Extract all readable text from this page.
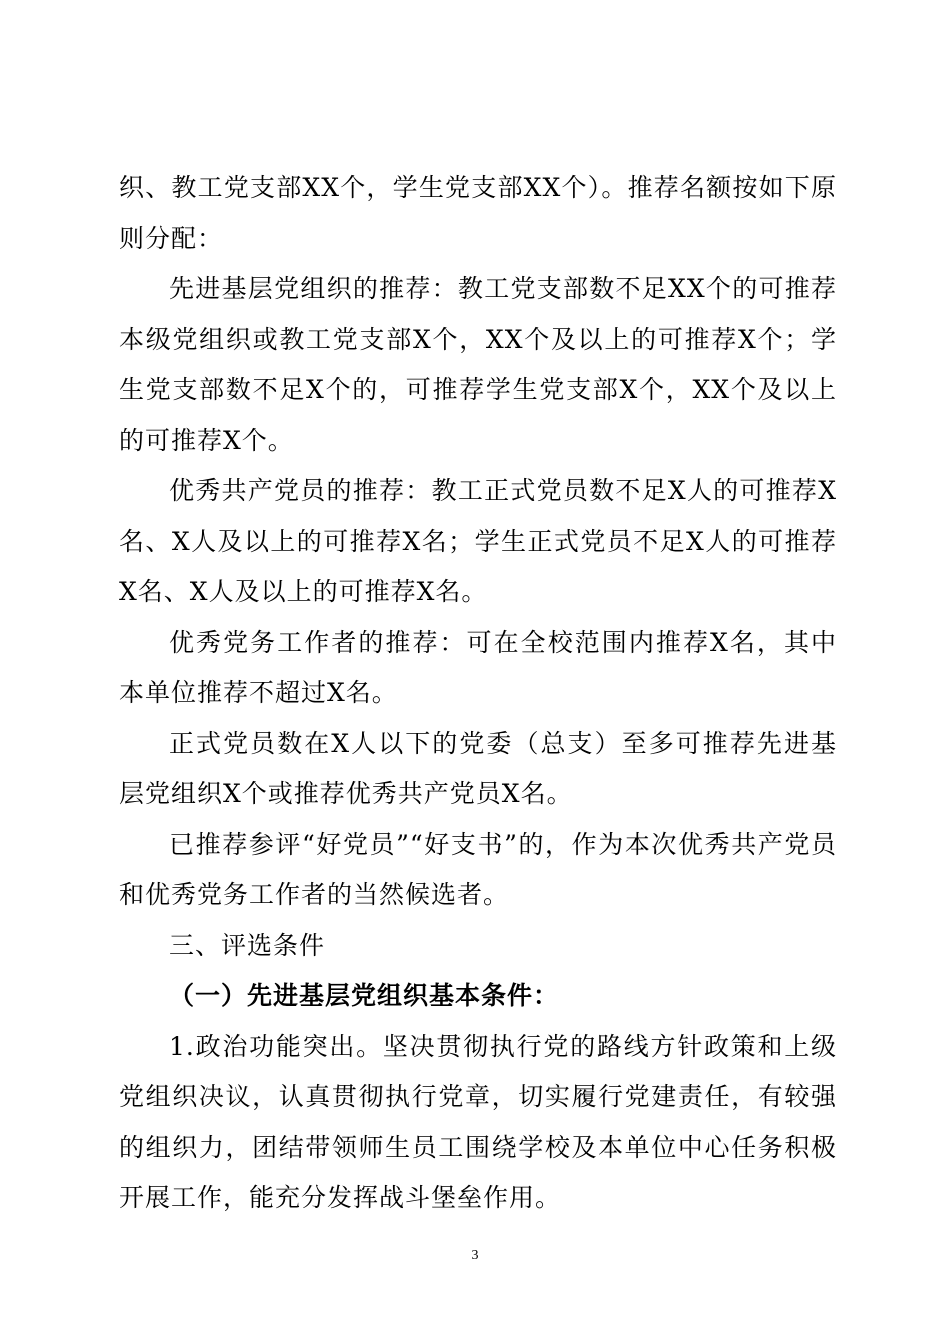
织、教工党支部XX个，学生党支部XX个）。推荐名额按如下原则分配：

先进基层党组织的推荐：教工党支部数不足XX个的可推荐本级党组织或教工党支部X个，XX个及以上的可推荐X个；学生党支部数不足X个的，可推荐学生党支部X个，XX个及以上的可推荐X个。

优秀共产党员的推荐：教工正式党员数不足X人的可推荐X名、X人及以上的可推荐X名；学生正式党员不足X人的可推荐X名、X人及以上的可推荐X名。

优秀党务工作者的推荐：可在全校范围内推荐X名，其中本单位推荐不超过X名。

正式党员数在X人以下的党委（总支）至多可推荐先进基层党组织X个或推荐优秀共产党员X名。

已推荐参评“好党员”“好支书”的，作为本次优秀共产党员和优秀党务工作者的当然候选者。

三、评选条件

（一）先进基层党组织基本条件：

1.政治功能突出。坚决贯彻执行党的路线方针政策和上级党组织决议，认真贯彻执行党章，切实履行党建责任，有较强的组织力，团结带领师生员工围绕学校及本单位中心任务积极开展工作，能充分发挥战斗堡垒作用。

3
